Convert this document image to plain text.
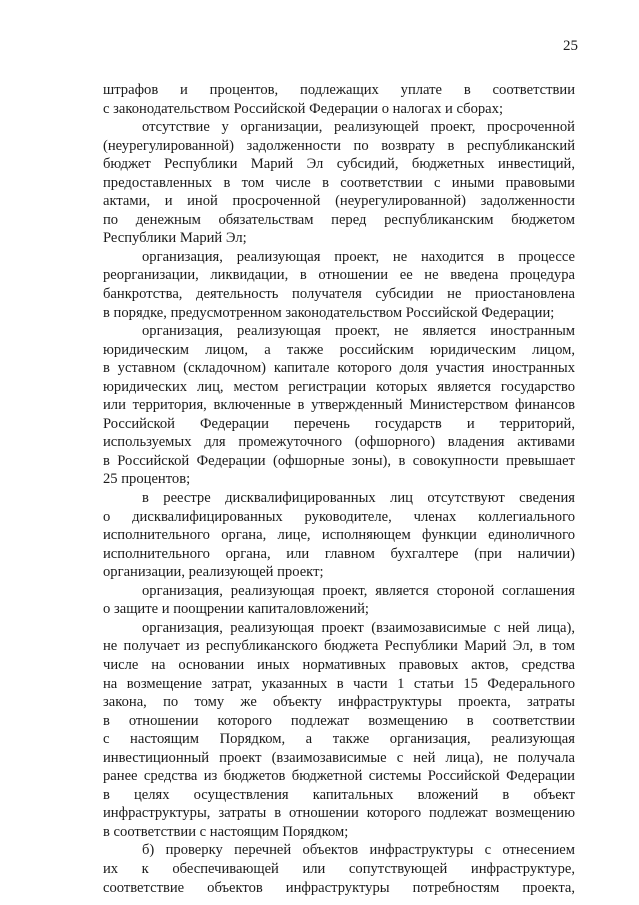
25
штрафов и процентов, подлежащих уплате в соответствии
с законодательством Российской Федерации о налогах и сборах;
отсутствие у организации, реализующей проект, просроченной
(неурегулированной) задолженности по возврату в республиканский
бюджет Республики Марий Эл субсидий, бюджетных инвестиций,
предоставленных в том числе в соответствии с иными правовыми
актами, и иной просроченной (неурегулированной) задолженности
по денежным обязательствам перед республиканским бюджетом
Республики Марий Эл;
организация, реализующая проект, не находится в процессе
реорганизации, ликвидации, в отношении ее не введена процедура
банкротства, деятельность получателя субсидии не приостановлена
в порядке, предусмотренном законодательством Российской Федерации;
организация, реализующая проект, не является иностранным
юридическим лицом, а также российским юридическим лицом,
в уставном (складочном) капитале которого доля участия иностранных
юридических лиц, местом регистрации которых является государство
или территория, включенные в утвержденный Министерством финансов
Российской Федерации перечень государств и территорий,
используемых для промежуточного (офшорного) владения активами
в Российской Федерации (офшорные зоны), в совокупности превышает
25 процентов;
в реестре дисквалифицированных лиц отсутствуют сведения
о дисквалифицированных руководителе, членах коллегиального
исполнительного органа, лице, исполняющем функции единоличного
исполнительного органа, или главном бухгалтере (при наличии)
организации, реализующей проект;
организация, реализующая проект, является стороной соглашения
о защите и поощрении капиталовложений;
организация, реализующая проект (взаимозависимые с ней лица),
не получает из республиканского бюджета Республики Марий Эл, в том
числе на основании иных нормативных правовых актов, средства
на возмещение затрат, указанных в части 1 статьи 15 Федерального
закона, по тому же объекту инфраструктуры проекта, затраты
в отношении которого подлежат возмещению в соответствии
с настоящим Порядком, а также организация, реализующая
инвестиционный проект (взаимозависимые с ней лица), не получала
ранее средства из бюджетов бюджетной системы Российской Федерации
в целях осуществления капитальных вложений в объект
инфраструктуры, затраты в отношении которого подлежат возмещению
в соответствии с настоящим Порядком;
б) проверку перечней объектов инфраструктуры с отнесением
их к обеспечивающей или сопутствующей инфраструктуре,
соответствие объектов инфраструктуры потребностям проекта,
